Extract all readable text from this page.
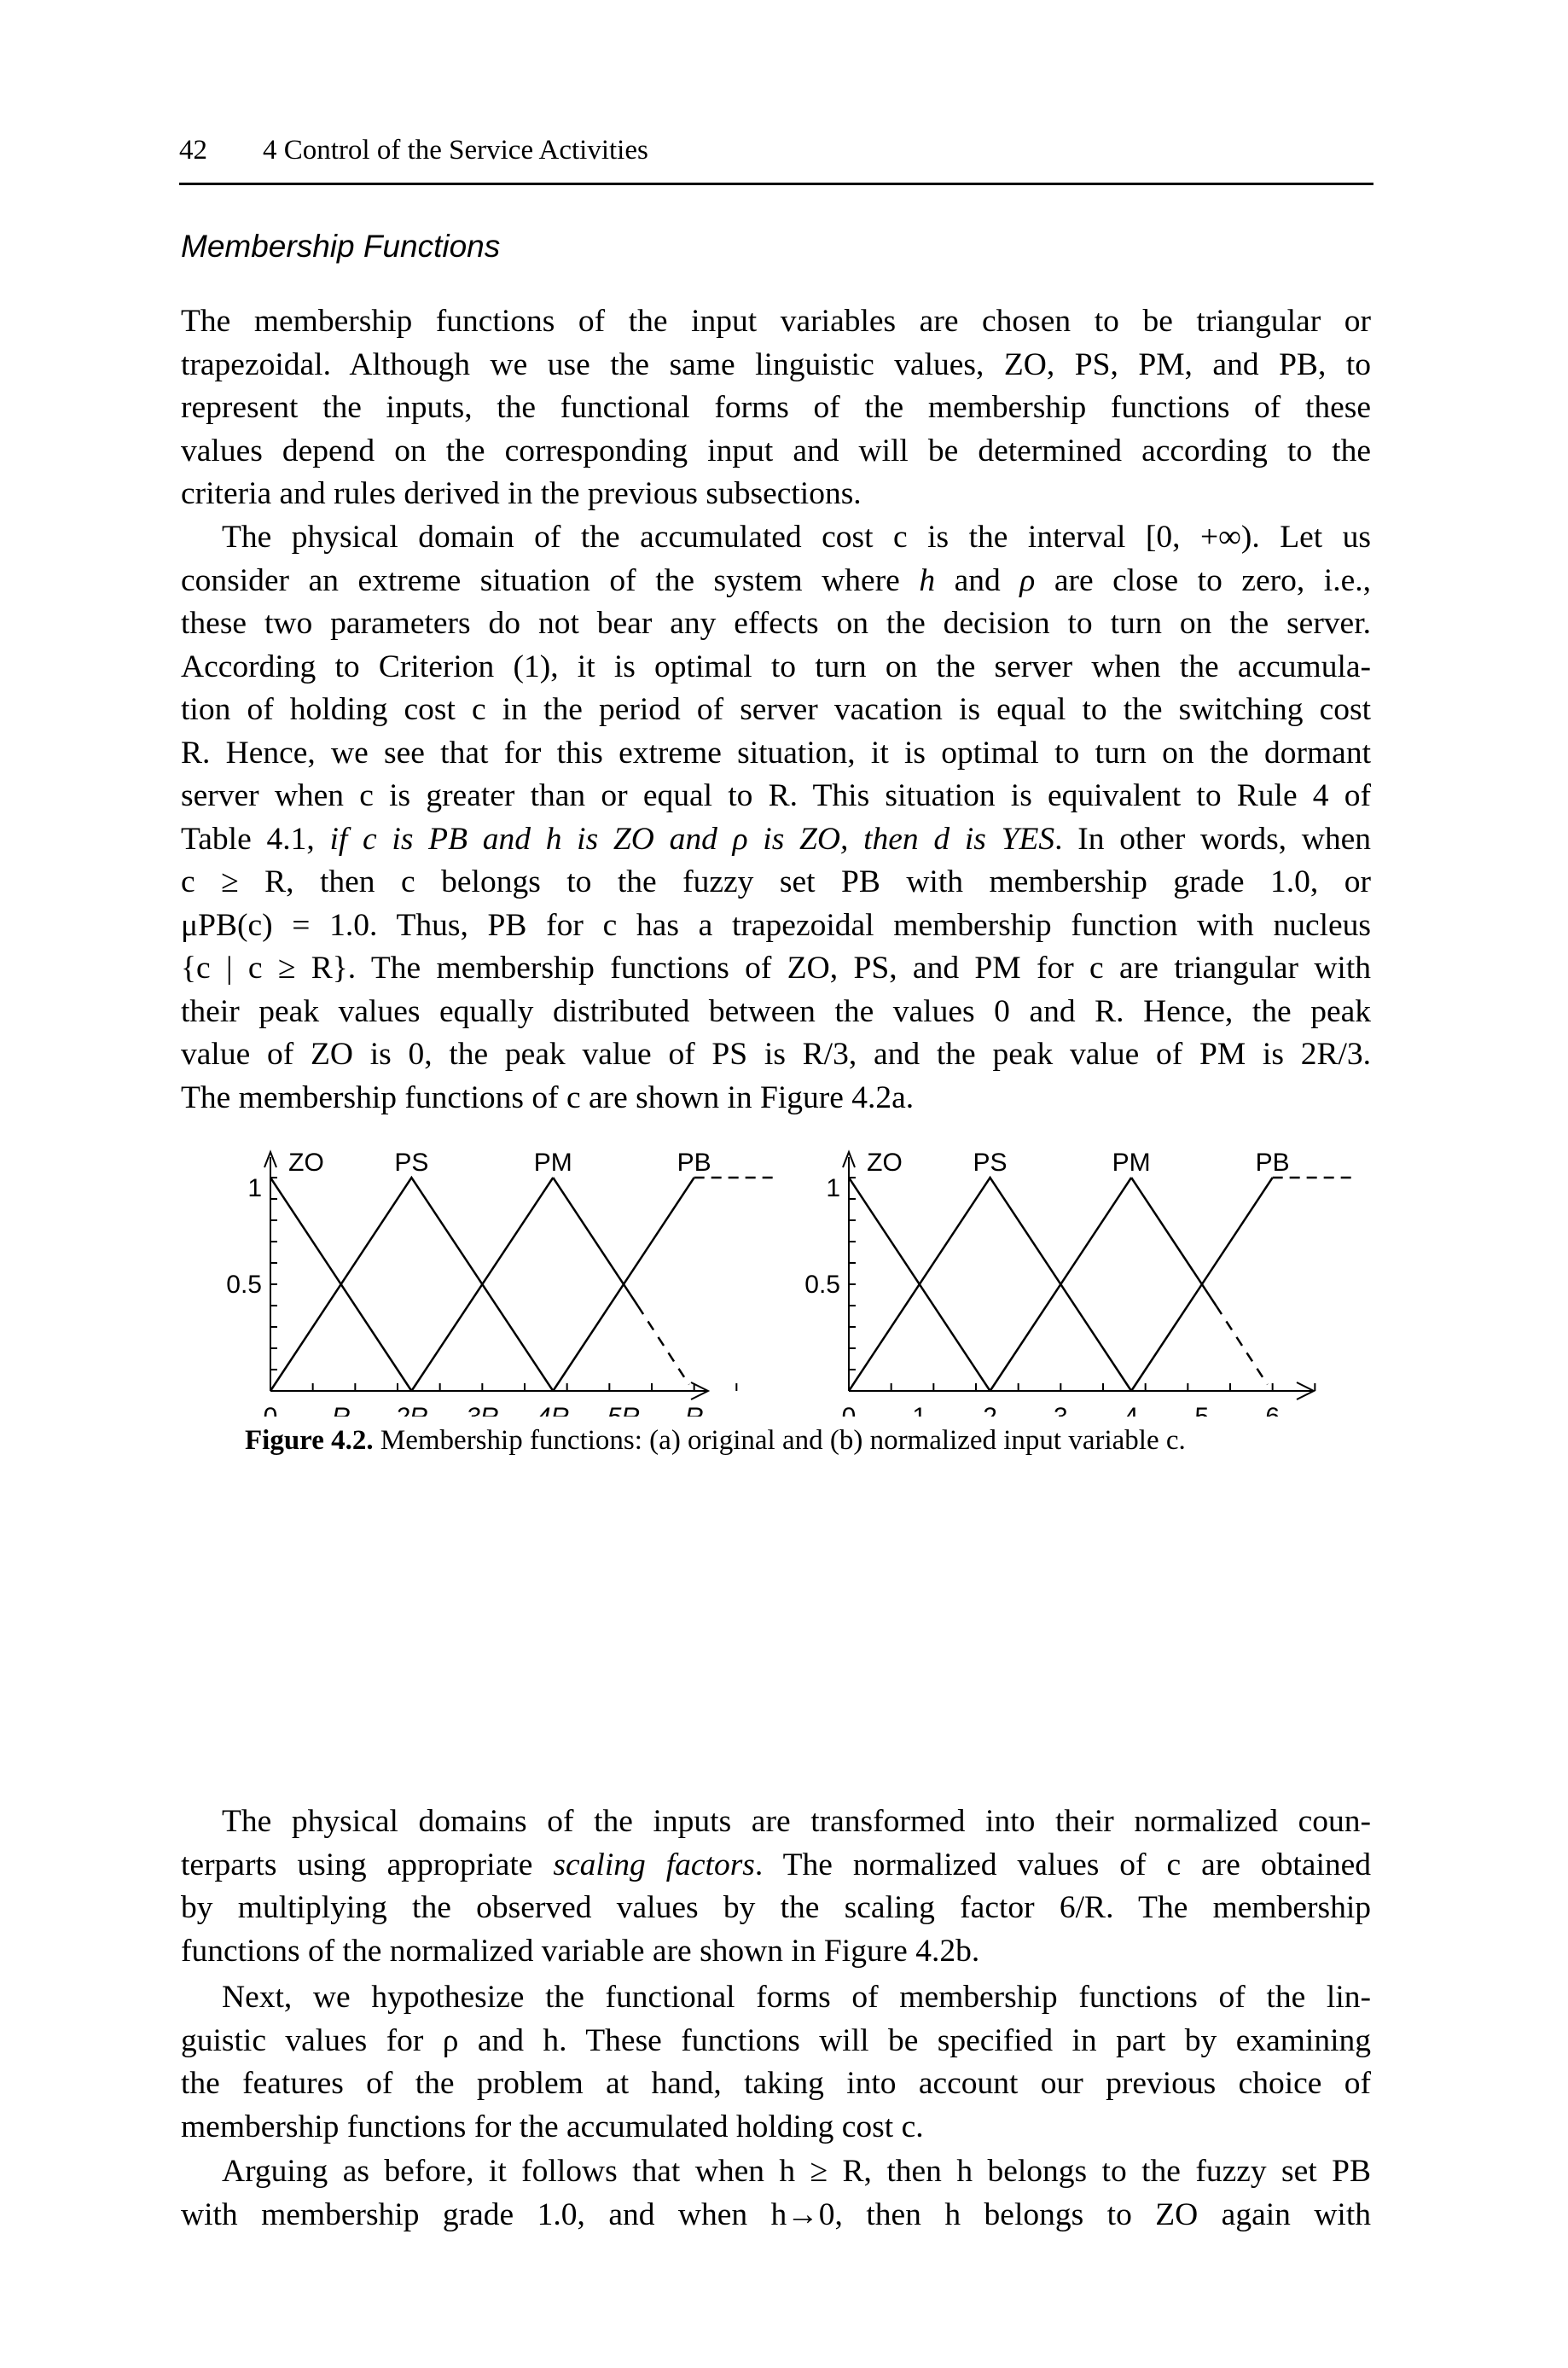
42 4 Control of the Service Activities
Membership Functions
The membership functions of the input variables are chosen to be triangular or
trapezoidal. Although we use the same linguistic values, ZO, PS, PM, and PB, to
represent the inputs, the functional forms of the membership functions of these
values depend on the corresponding input and will be determined according to the
criteria and rules derived in the previous subsections.
The physical domain of the accumulated cost c is the interval [0, +∞). Let us
consider an extreme situation of the system where h and ρ are close to zero, i.e.,
these two parameters do not bear any effects on the decision to turn on the server.
According to Criterion (1), it is optimal to turn on the server when the accumula-
tion of holding cost c in the period of server vacation is equal to the switching cost
R. Hence, we see that for this extreme situation, it is optimal to turn on the dormant
server when c is greater than or equal to R. This situation is equivalent to Rule 4 of
Table 4.1, if c is PB and h is ZO and ρ is ZO, then d is YES. In other words, when
c ≥ R, then c belongs to the fuzzy set PB with membership grade 1.0, or
μPB(c) = 1.0. Thus, PB for c has a trapezoidal membership function with nucleus
{c | c ≥ R}. The membership functions of ZO, PS, and PM for c are triangular with
their peak values equally distributed between the values 0 and R. Hence, the peak
value of ZO is 0, the peak value of PS is R/3, and the peak value of PM is 2R/3.
The membership functions of c are shown in Figure 4.2a.
ZO	PS	PM	PB
0.5
1
ZO	PS	PM	PB
0.5
1
Figure 4.2. Membership functions: (a) original and (b) normalized input variable c.
The physical domains of the inputs are transformed into their normalized coun-
terparts using appropriate scaling factors. The normalized values of c are obtained
by multiplying the observed values by the scaling factor 6/R. The membership
functions of the normalized variable are shown in Figure 4.2b.
Next, we hypothesize the functional forms of membership functions of the lin-
guistic values for ρ and h. These functions will be specified in part by examining
the features of the problem at hand, taking into account our previous choice of
membership functions for the accumulated holding cost c.
Arguing as before, it follows that when h ≥ R, then h belongs to the fuzzy set PB
with membership grade 1.0, and when h→0, then h belongs to ZO again with
